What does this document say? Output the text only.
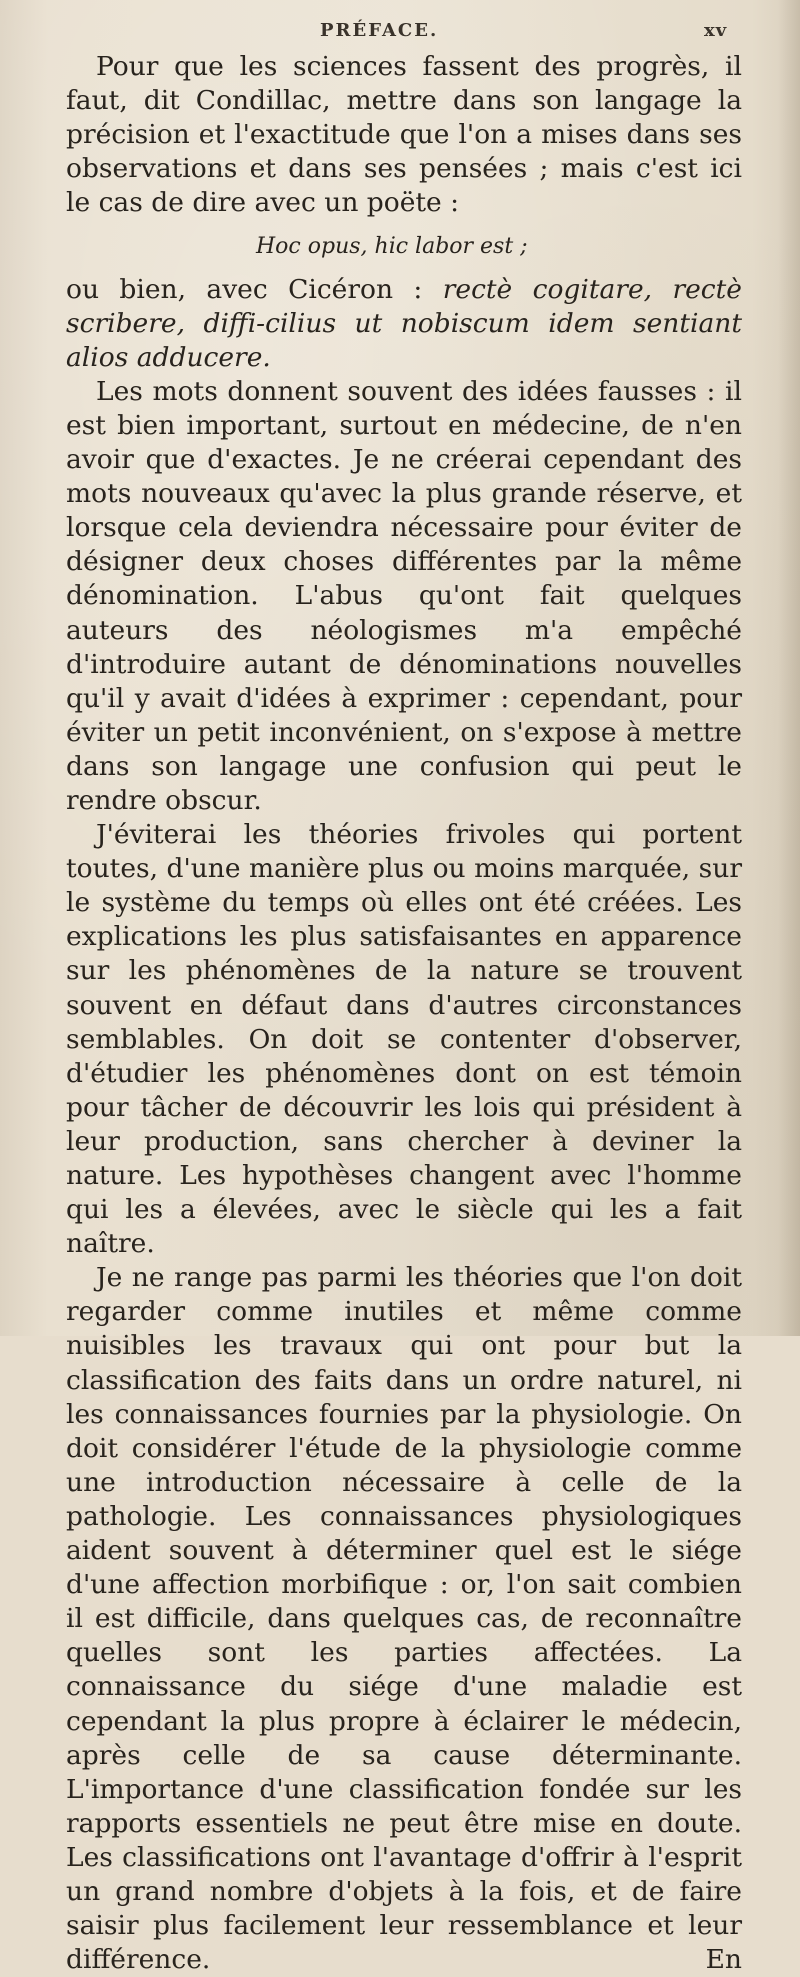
PRÉFACE.	xv

Pour que les sciences fassent des progrès, il faut, dit Condillac, mettre dans son langage la précision et l'exactitude que l'on a mises dans ses observations et dans ses pensées ; mais c'est ici le cas de dire avec un poëte :

Hoc opus, hic labor est ;

ou bien, avec Cicéron : rectè cogitare, rectè scribere, diffi-cilius ut nobiscum idem sentiant alios adducere.

Les mots donnent souvent des idées fausses : il est bien important, surtout en médecine, de n'en avoir que d'exactes. Je ne créerai cependant des mots nouveaux qu'avec la plus grande réserve, et lorsque cela deviendra nécessaire pour éviter de désigner deux choses différentes par la même dénomination. L'abus qu'ont fait quelques auteurs des néologismes m'a empêché d'introduire autant de dénominations nouvelles qu'il y avait d'idées à exprimer : cependant, pour éviter un petit inconvénient, on s'expose à mettre dans son langage une confusion qui peut le rendre obscur.

J'éviterai les théories frivoles qui portent toutes, d'une manière plus ou moins marquée, sur le système du temps où elles ont été créées. Les explications les plus satisfaisantes en apparence sur les phénomènes de la nature se trouvent souvent en défaut dans d'autres circonstances semblables. On doit se contenter d'observer, d'étudier les phénomènes dont on est témoin pour tâcher de découvrir les lois qui président à leur production, sans chercher à deviner la nature. Les hypothèses changent avec l'homme qui les a élevées, avec le siècle qui les a fait naître.

Je ne range pas parmi les théories que l'on doit regarder comme inutiles et même comme nuisibles les travaux qui ont pour but la classification des faits dans un ordre naturel, ni les connaissances fournies par la physiologie. On doit considérer l'étude de la physiologie comme une introduction nécessaire à celle de la pathologie. Les connaissances physiologiques aident souvent à déterminer quel est le siége d'une affection morbifique : or, l'on sait combien il est difficile, dans quelques cas, de reconnaître quelles sont les parties affectées. La connaissance du siége d'une maladie est cependant la plus propre à éclairer le médecin, après celle de sa cause déterminante. L'importance d'une classification fondée sur les rapports essentiels ne peut être mise en doute. Les classifications ont l'avantage d'offrir à l'esprit un grand nombre d'objets à la fois, et de faire saisir plus facilement leur ressemblance et leur différence. En
